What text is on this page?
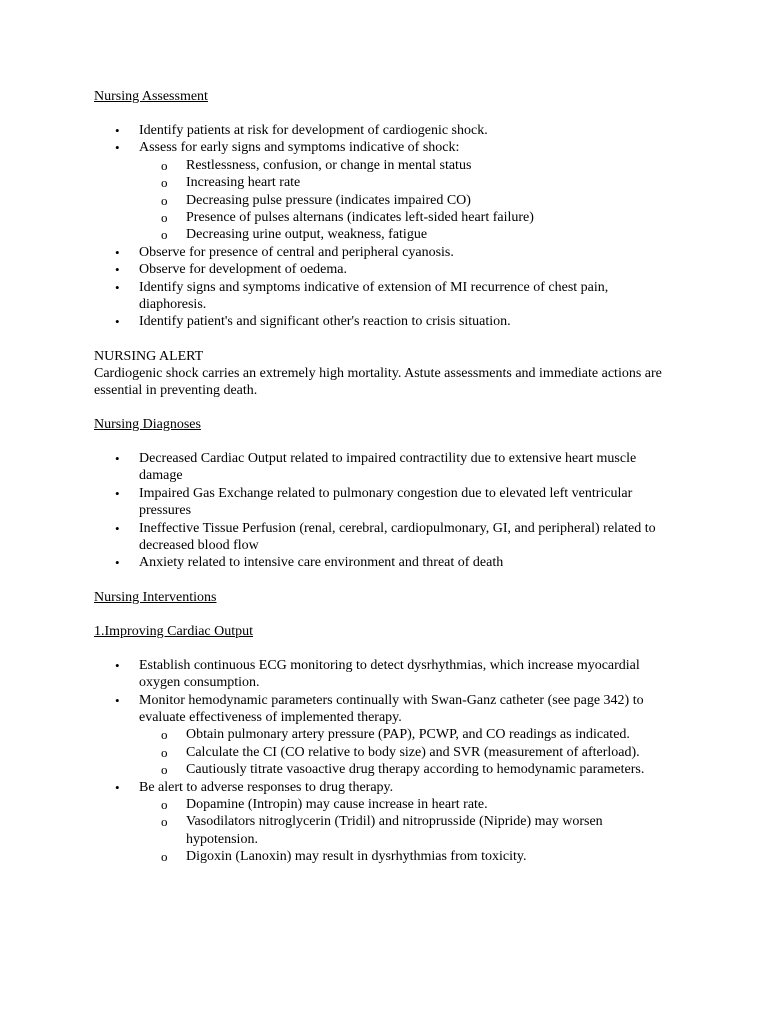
Nursing Assessment

• Identify patients at risk for development of cardiogenic shock.
• Assess for early signs and symptoms indicative of shock:
o Restlessness, confusion, or change in mental status
o Increasing heart rate
o Decreasing pulse pressure (indicates impaired CO)
o Presence of pulses alternans (indicates left-sided heart failure)
o Decreasing urine output, weakness, fatigue
• Observe for presence of central and peripheral cyanosis.
• Observe for development of oedema.
• Identify signs and symptoms indicative of extension of MI recurrence of chest pain, diaphoresis.
• Identify patient's and significant other's reaction to crisis situation.

NURSING ALERT

Cardiogenic shock carries an extremely high mortality. Astute assessments and immediate actions are essential in preventing death.

Nursing Diagnoses

• Decreased Cardiac Output related to impaired contractility due to extensive heart muscle damage
• Impaired Gas Exchange related to pulmonary congestion due to elevated left ventricular pressures
• Ineffective Tissue Perfusion (renal, cerebral, cardiopulmonary, GI, and peripheral) related to decreased blood flow
• Anxiety related to intensive care environment and threat of death

Nursing Interventions

1.Improving Cardiac Output

• Establish continuous ECG monitoring to detect dysrhythmias, which increase myocardial oxygen consumption.
• Monitor hemodynamic parameters continually with Swan-Ganz catheter (see page 342) to evaluate effectiveness of implemented therapy.
o Obtain pulmonary artery pressure (PAP), PCWP, and CO readings as indicated.
o Calculate the CI (CO relative to body size) and SVR (measurement of afterload).
o Cautiously titrate vasoactive drug therapy according to hemodynamic parameters.
• Be alert to adverse responses to drug therapy.
o Dopamine (Intropin) may cause increase in heart rate.
o Vasodilators nitroglycerin (Tridil) and nitroprusside (Nipride) may worsen hypotension.
o Digoxin (Lanoxin) may result in dysrhythmias from toxicity.
